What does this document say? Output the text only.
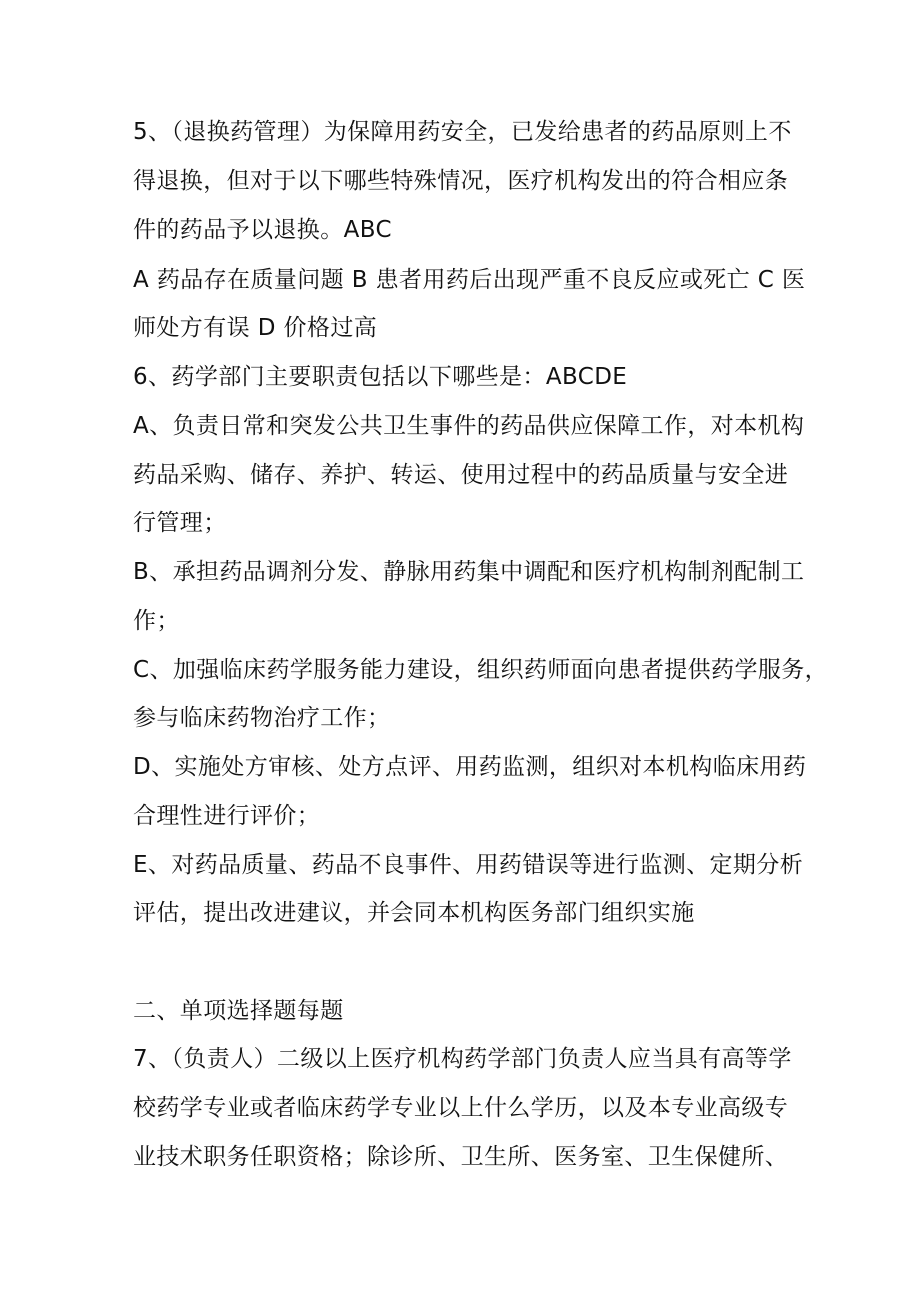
5、（退换药管理）为保障用药安全，已发给患者的药品原则上不

得退换，但对于以下哪些特殊情况，医疗机构发出的符合相应条

件的药品予以退换。ABC

A 药品存在质量问题 B 患者用药后出现严重不良反应或死亡 C 医

师处方有误 D 价格过高

6、药学部门主要职责包括以下哪些是：ABCDE

A、负责日常和突发公共卫生事件的药品供应保障工作，对本机构

药品采购、储存、养护、转运、使用过程中的药品质量与安全进

行管理；

B、承担药品调剂分发、静脉用药集中调配和医疗机构制剂配制工

作；

C、加强临床药学服务能力建设，组织药师面向患者提供药学服务，

参与临床药物治疗工作；

D、实施处方审核、处方点评、用药监测，组织对本机构临床用药

合理性进行评价；

E、对药品质量、药品不良事件、用药错误等进行监测、定期分析

评估，提出改进建议，并会同本机构医务部门组织实施

二、单项选择题每题

7、（负责人）二级以上医疗机构药学部门负责人应当具有高等学

校药学专业或者临床药学专业以上什么学历，以及本专业高级专

业技术职务任职资格；除诊所、卫生所、医务室、卫生保健所、
